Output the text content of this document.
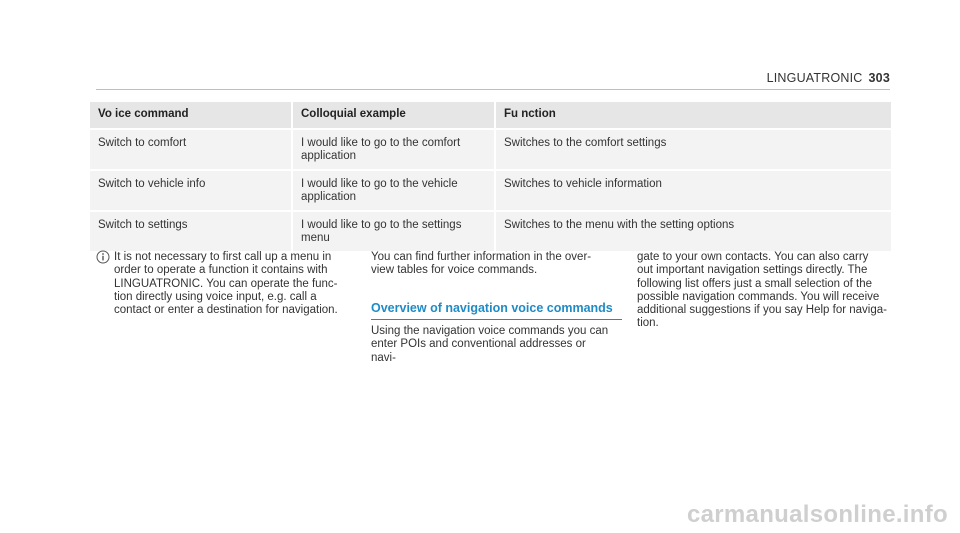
LINGUATRONIC 303
Vo ice command	Colloquial example	Fu nction
Switch to comfort	I would like to go to the comfort application	Switches to the comfort settings
Switch to vehicle info	I would like to go to the vehicle application	Switches to vehicle information
Switch to settings	I would like to go to the settings menu	Switches to the menu with the setting options
It is not necessary to first call up a menu in order to operate a function it contains with LINGUATRONIC. You can operate the func- tion directly using voice input, e.g. call a contact or enter a destination for navigation.
You can find further information in the over- view tables for voice commands.
Overview of navigation voice commands
Using the navigation voice commands you can enter POIs and conventional addresses or navi-
gate to your own contacts. You can also carry out important navigation settings directly. The following list offers just a small selection of the possible navigation commands. You will receive additional suggestions if you say Help for naviga- tion.
carmanualsonline.info
